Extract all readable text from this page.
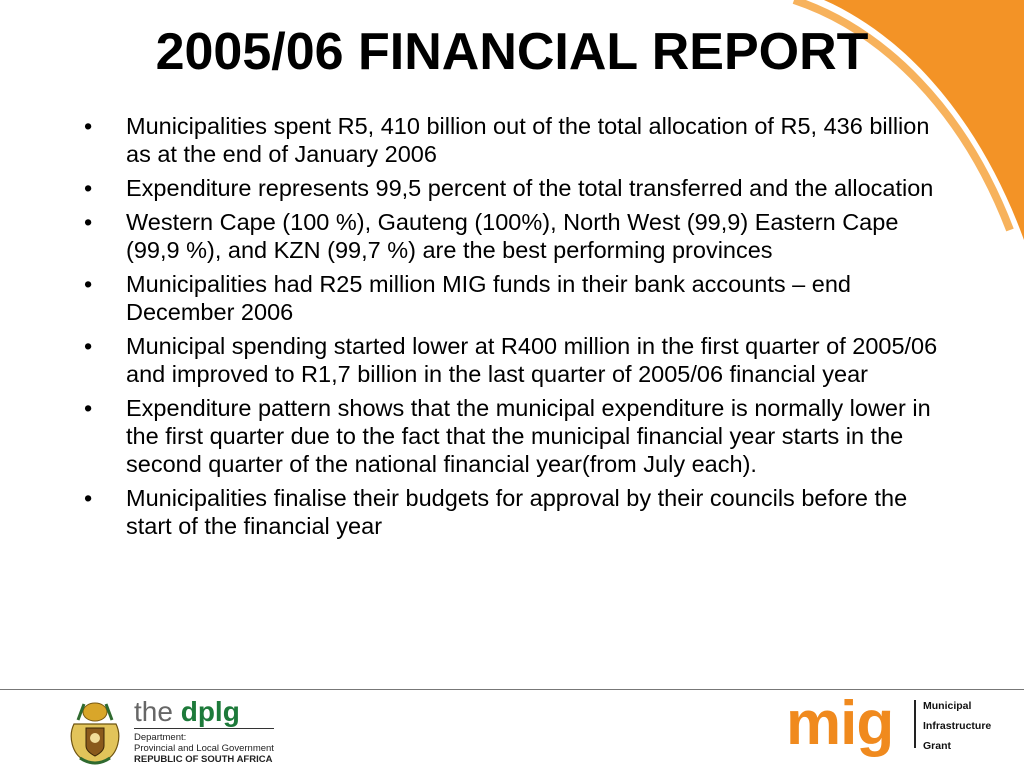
2005/06 FINANCIAL REPORT
• Municipalities spent R5, 410 billion out of the total allocation of R5, 436 billion as at the end of January 2006
• Expenditure represents 99,5 percent of the total transferred and the allocation
• Western Cape (100 %), Gauteng (100%), North West (99,9) Eastern Cape (99,9 %), and KZN (99,7 %) are the best performing provinces
• Municipalities had R25 million MIG funds in their bank accounts – end December 2006
• Municipal spending started lower at R400 million in the first quarter of 2005/06 and improved to R1,7 billion in the last quarter of 2005/06 financial year
• Expenditure pattern shows that the municipal expenditure is normally lower in the first quarter due to the fact that the municipal financial year starts in the second quarter of the national financial year(from July each).
• Municipalities finalise their budgets for approval by their councils before the start of the financial year
the dplg
Department:
Provincial and Local Government
REPUBLIC OF SOUTH AFRICA
mig	Municipal
Infrastructure
Grant
